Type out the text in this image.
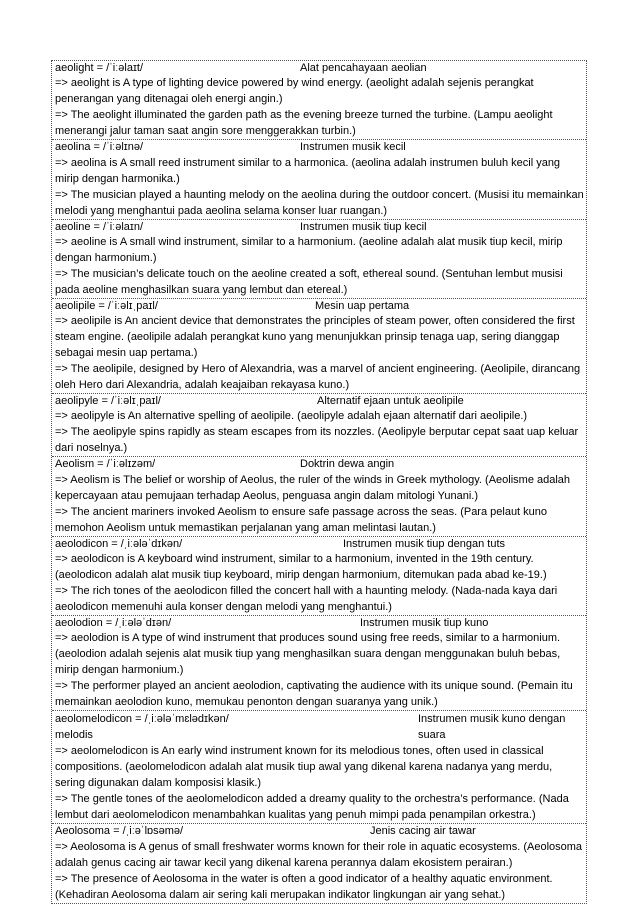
aeolight = /ˈiːəlaɪt/	Alat pencahayaan aeolian
=> aeolight is A type of lighting device powered by wind energy. (aeolight adalah sejenis perangkat penerangan yang ditenagai oleh energi angin.)
=> The aeolight illuminated the garden path as the evening breeze turned the turbine. (Lampu aeolight menerangi jalur taman saat angin sore menggerakkan turbin.)
aeolina = /ˈiːəlɪnə/	Instrumen musik kecil
=> aeolina is A small reed instrument similar to a harmonica. (aeolina adalah instrumen buluh kecil yang mirip dengan harmonika.)
=> The musician played a haunting melody on the aeolina during the outdoor concert. (Musisi itu memainkan melodi yang menghantui pada aeolina selama konser luar ruangan.)
aeoline = /ˈiːəlaɪn/	Instrumen musik tiup kecil
=> aeoline is A small wind instrument, similar to a harmonium. (aeoline adalah alat musik tiup kecil, mirip dengan harmonium.)
=> The musician’s delicate touch on the aeoline created a soft, ethereal sound. (Sentuhan lembut musisi pada aeoline menghasilkan suara yang lembut dan etereal.)
aeolipile = /ˈiːəlɪˌpaɪl/	Mesin uap pertama
=> aeolipile is An ancient device that demonstrates the principles of steam power, often considered the first steam engine. (aeolipile adalah perangkat kuno yang menunjukkan prinsip tenaga uap, sering dianggap sebagai mesin uap pertama.)
=> The aeolipile, designed by Hero of Alexandria, was a marvel of ancient engineering. (Aeolipile, dirancang oleh Hero dari Alexandria, adalah keajaiban rekayasa kuno.)
aeolipyle = /ˈiːəlɪˌpaɪl/	Alternatif ejaan untuk aeolipile
=> aeolipyle is An alternative spelling of aeolipile. (aeolipyle adalah ejaan alternatif dari aeolipile.)
=> The aeolipyle spins rapidly as steam escapes from its nozzles. (Aeolipyle berputar cepat saat uap keluar dari noselnya.)
Aeolism = /ˈiːəlɪzəm/	Doktrin dewa angin
=> Aeolism is The belief or worship of Aeolus, the ruler of the winds in Greek mythology. (Aeolisme adalah kepercayaan atau pemujaan terhadap Aeolus, penguasa angin dalam mitologi Yunani.)
=> The ancient mariners invoked Aeolism to ensure safe passage across the seas. (Para pelaut kuno memohon Aeolism untuk memastikan perjalanan yang aman melintasi lautan.)
aeolodicon = /ˌiːələˈdɪkən/	Instrumen musik tiup dengan tuts
=> aeolodicon is A keyboard wind instrument, similar to a harmonium, invented in the 19th century. (aeolodicon adalah alat musik tiup keyboard, mirip dengan harmonium, ditemukan pada abad ke-19.)
=> The rich tones of the aeolodicon filled the concert hall with a haunting melody. (Nada-nada kaya dari aeolodicon memenuhi aula konser dengan melodi yang menghantui.)
aeolodion = /ˌiːələˈdɪən/	Instrumen musik tiup kuno
=> aeolodion is A type of wind instrument that produces sound using free reeds, similar to a harmonium. (aeolodion adalah sejenis alat musik tiup yang menghasilkan suara dengan menggunakan buluh bebas, mirip dengan harmonium.)
=> The performer played an ancient aeolodion, captivating the audience with its unique sound. (Pemain itu memainkan aeolodion kuno, memukau penonton dengan suaranya yang unik.)
aeolomelodicon = /ˌiːələˈmɛlədɪkən/	Instrumen musik kuno dengan suara
melodis
=> aeolomelodicon is An early wind instrument known for its melodious tones, often used in classical compositions. (aeolomelodicon adalah alat musik tiup awal yang dikenal karena nadanya yang merdu, sering digunakan dalam komposisi klasik.)
=> The gentle tones of the aeolomelodicon added a dreamy quality to the orchestra’s performance. (Nada lembut dari aeolomelodicon menambahkan kualitas yang penuh mimpi pada penampilan orkestra.)
Aeolosoma = /ˌiːəˈlɒsəmə/	Jenis cacing air tawar
=> Aeolosoma is A genus of small freshwater worms known for their role in aquatic ecosystems. (Aeolosoma adalah genus cacing air tawar kecil yang dikenal karena perannya dalam ekosistem perairan.)
=> The presence of Aeolosoma in the water is often a good indicator of a healthy aquatic environment. (Kehadiran Aeolosoma dalam air sering kali merupakan indikator lingkungan air yang sehat.)
